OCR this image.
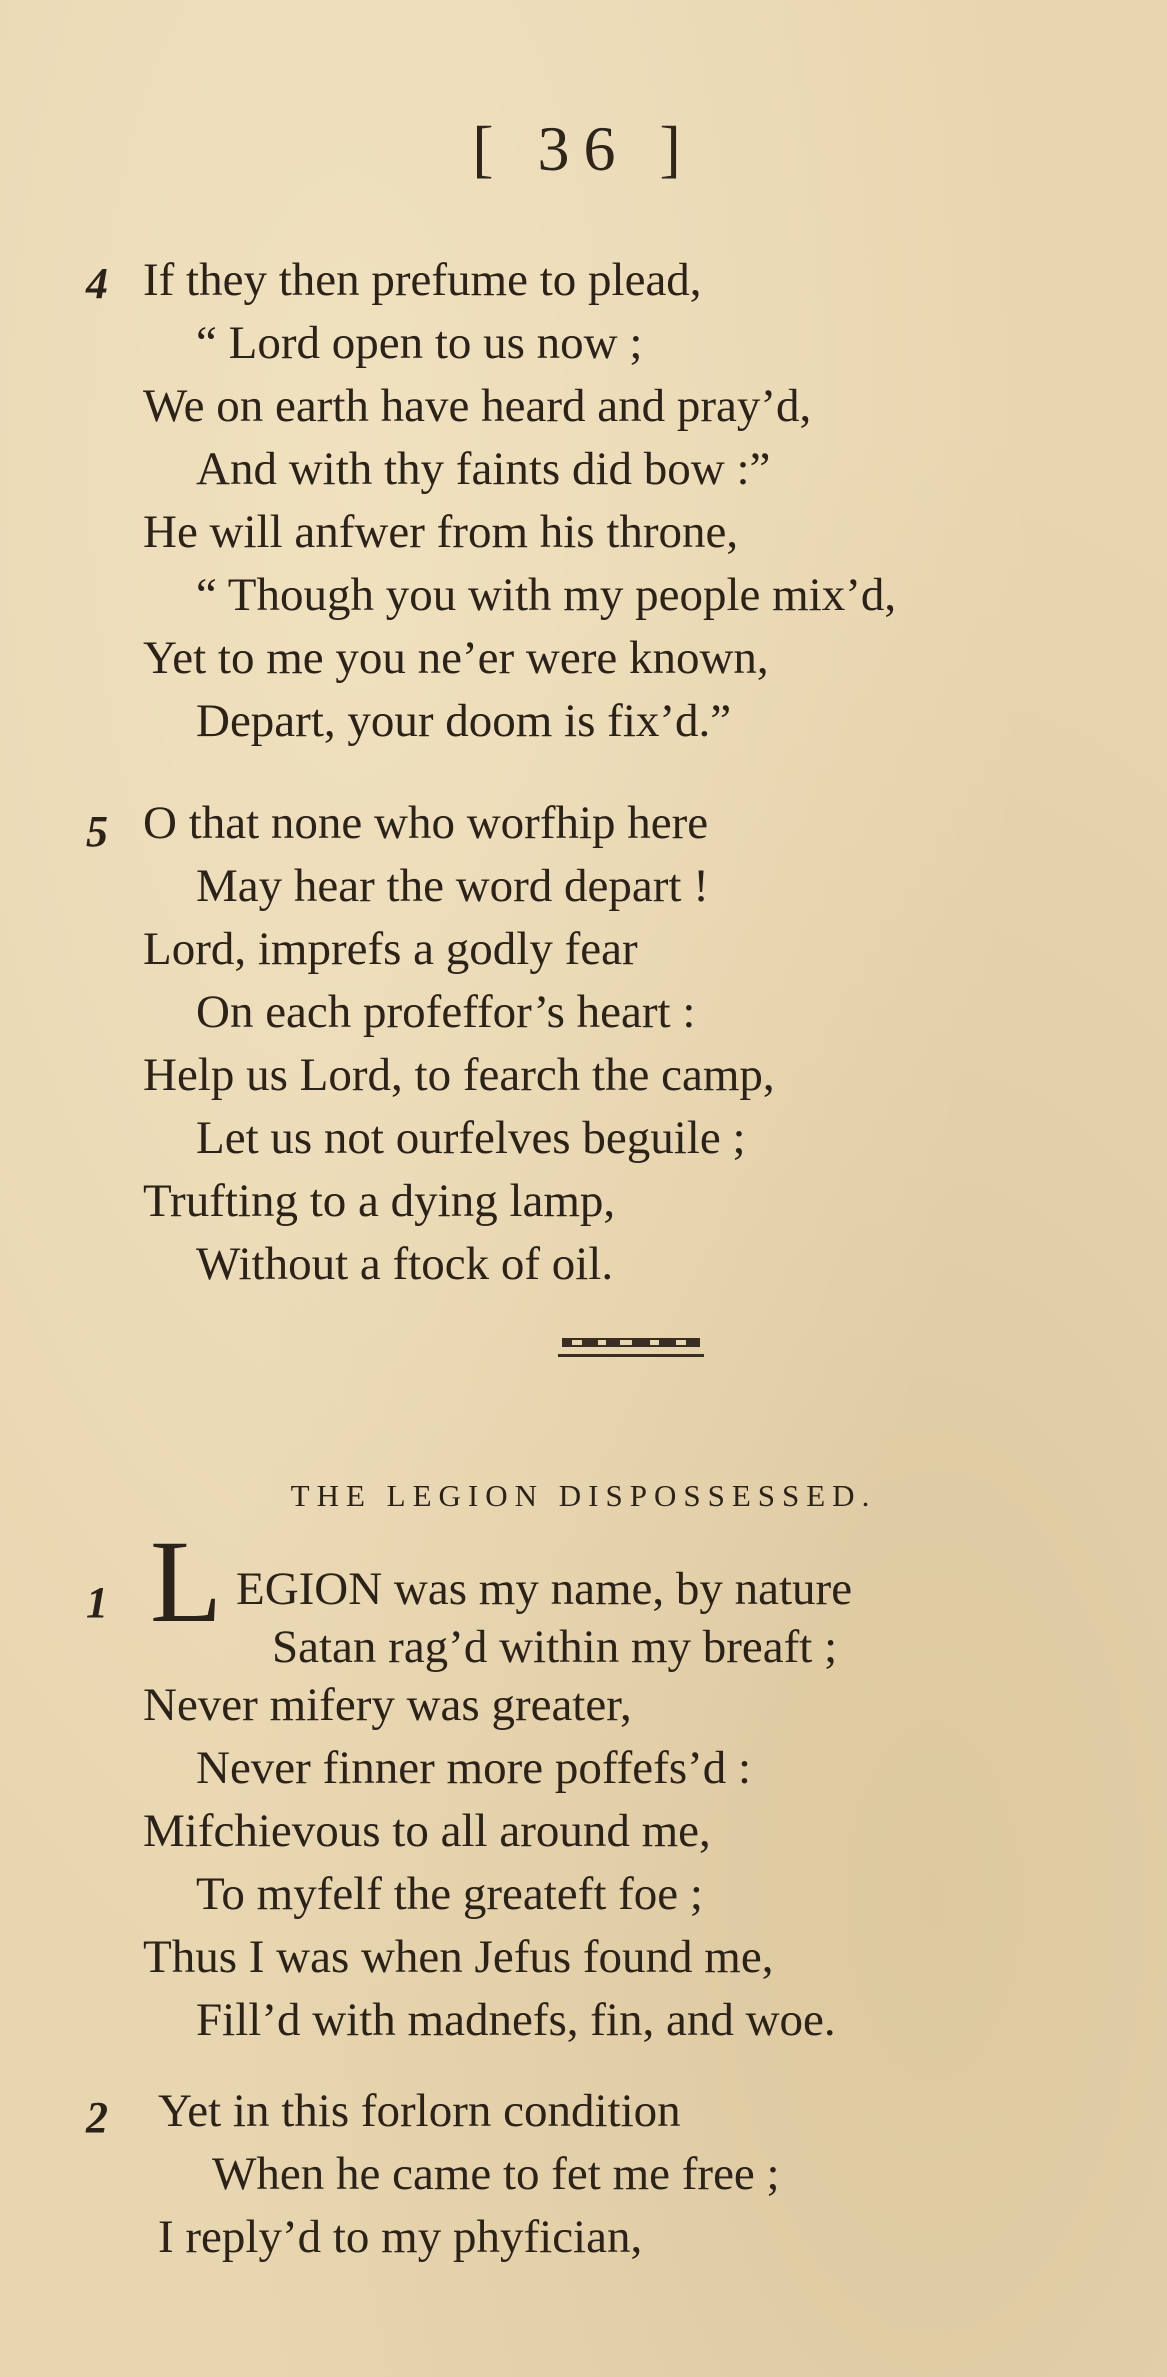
[ 36 ]
4 If they then prefume to plead,
“ Lord open to us now ;
We on earth have heard and pray’d,
And with thy faints did bow :”
He will anfwer from his throne,
“ Though you with my people mix’d,
Yet to me you ne’er were known,
Depart, your doom is fix’d.”
5 O that none who worfhip here
May hear the word depart !
Lord, imprefs a godly fear
On each profeffor’s heart :
Help us Lord, to fearch the camp,
Let us not ourfelves beguile ;
Trufting to a dying lamp,
Without a ftock of oil.
THE LEGION DISPOSSESSED.
1 L EGION was my name, by nature
Satan rag’d within my breaft ;
Never mifery was greater,
Never finner more poffefs’d :
Mifchievous to all around me,
To myfelf the greateft foe ;
Thus I was when Jefus found me,
Fill’d with madnefs, fin, and woe.
2 Yet in this forlorn condition
When he came to fet me free ;
I reply’d to my phyfician,
